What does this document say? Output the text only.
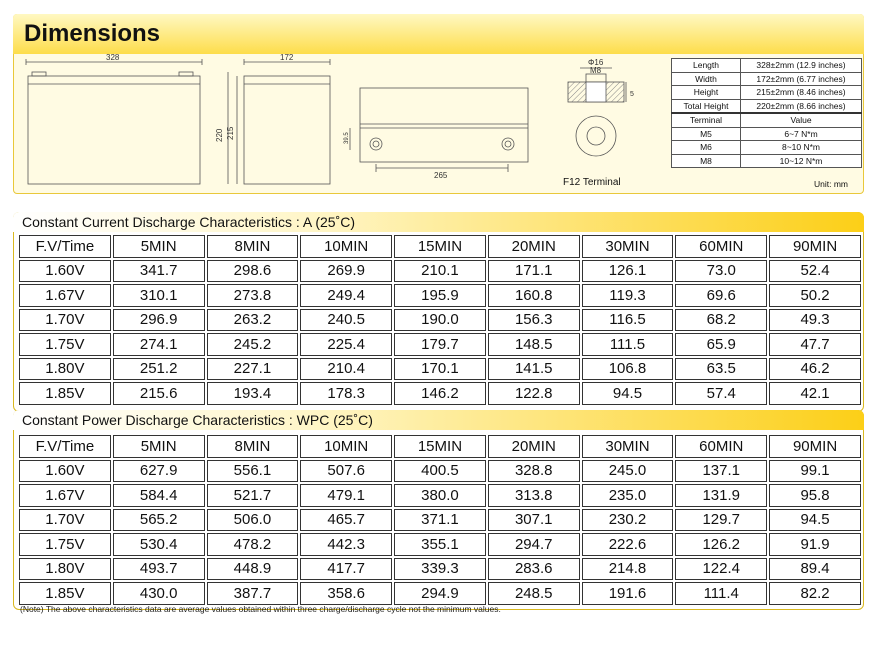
Dimensions
328	172
220 215	39.5
265
Φ16
M8
5
F12 Terminal
Length	328±2mm (12.9 inches)
Width	172±2mm (6.77 inches)
Height	215±2mm (8.46 inches)
Total Height	220±2mm (8.66 inches)
Terminal	Value
M5	6~7 N*m
M6	8~10 N*m
M8	10~12 N*m
Unit: mm
Constant Current Discharge Characteristics : A (25˚C)
F.V/Time	5MIN	8MIN	10MIN	15MIN	20MIN	30MIN	60MIN	90MIN
1.60V	341.7	298.6	269.9	210.1	171.1	126.1	73.0	52.4
1.67V	310.1	273.8	249.4	195.9	160.8	119.3	69.6	50.2
1.70V	296.9	263.2	240.5	190.0	156.3	116.5	68.2	49.3
1.75V	274.1	245.2	225.4	179.7	148.5	111.5	65.9	47.7
1.80V	251.2	227.1	210.4	170.1	141.5	106.8	63.5	46.2
1.85V	215.6	193.4	178.3	146.2	122.8	94.5	57.4	42.1
Constant Power Discharge Characteristics : WPC (25˚C)
F.V/Time	5MIN	8MIN	10MIN	15MIN	20MIN	30MIN	60MIN	90MIN
1.60V	627.9	556.1	507.6	400.5	328.8	245.0	137.1	99.1
1.67V	584.4	521.7	479.1	380.0	313.8	235.0	131.9	95.8
1.70V	565.2	506.0	465.7	371.1	307.1	230.2	129.7	94.5
1.75V	530.4	478.2	442.3	355.1	294.7	222.6	126.2	91.9
1.80V	493.7	448.9	417.7	339.3	283.6	214.8	122.4	89.4
1.85V	430.0	387.7	358.6	294.9	248.5	191.6	111.4	82.2
(Note) The above characteristics data are average values obtained within three charge/discharge cycle not the minimum values.
